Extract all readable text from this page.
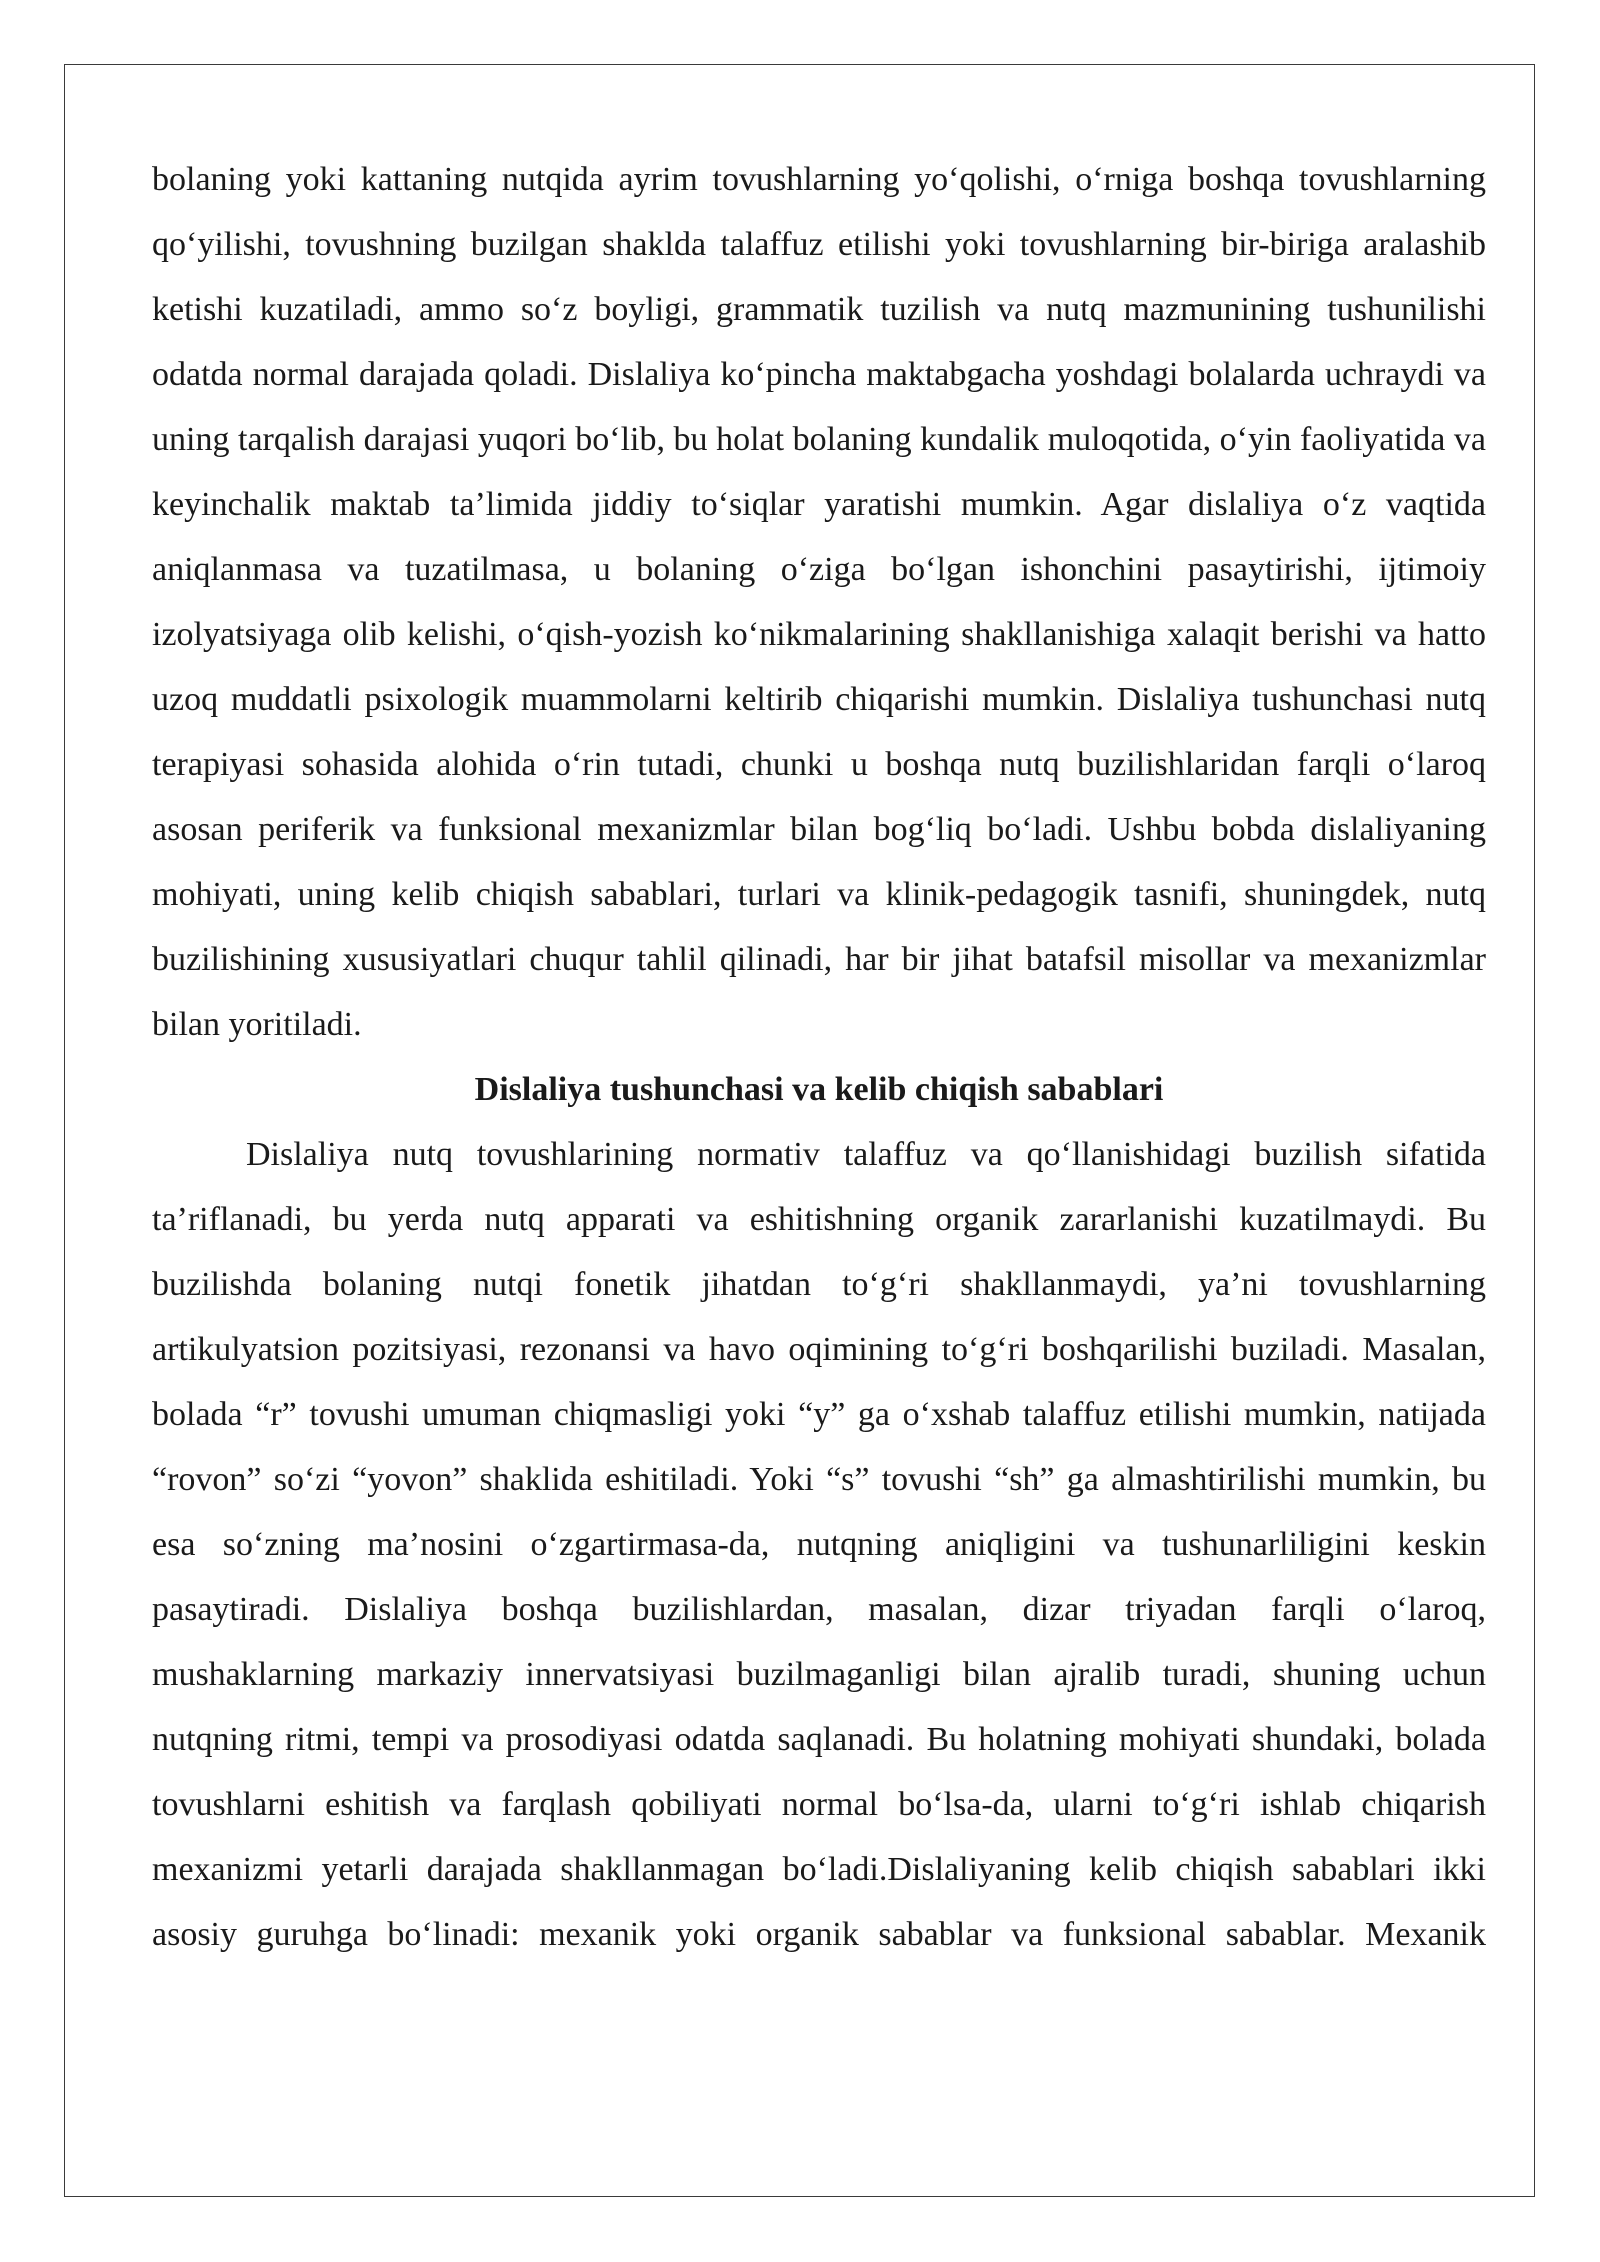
bolaning yoki kattaning nutqida ayrim tovushlarning yo‘qolishi, o‘rniga boshqa tovushlarning qo‘yilishi, tovushning buzilgan shaklda talaffuz etilishi yoki tovushlarning bir-biriga aralashib ketishi kuzatiladi, ammo so‘z boyligi, grammatik tuzilish va nutq mazmunining tushunilishi odatda normal darajada qoladi. Dislaliya ko‘pincha maktabgacha yoshdagi bolalarda uchraydi va uning tarqalish darajasi yuqori bo‘lib, bu holat bolaning kundalik muloqotida, o‘yin faoliyatida va keyinchalik maktab ta’limida jiddiy to‘siqlar yaratishi mumkin. Agar dislaliya o‘z vaqtida aniqlanmasa va tuzatilmasa, u bolaning o‘ziga bo‘lgan ishonchini pasaytirishi, ijtimoiy izolyatsiyaga olib kelishi, o‘qish-yozish ko‘nikmalarining shakllanishiga xalaqit berishi va hatto uzoq muddatli psixologik muammolarni keltirib chiqarishi mumkin. Dislaliya tushunchasi nutq terapiyasi sohasida alohida o‘rin tutadi, chunki u boshqa nutq buzilishlaridan farqli o‘laroq asosan periferik va funksional mexanizmlar bilan bog‘liq bo‘ladi. Ushbu bobda dislaliyaning mohiyati, uning kelib chiqish sabablari, turlari va klinik-pedagogik tasnifi, shuningdek, nutq buzilishining xususiyatlari chuqur tahlil qilinadi, har bir jihat batafsil misollar va mexanizmlar bilan yoritiladi.

Dislaliya tushunchasi va kelib chiqish sabablari

Dislaliya nutq tovushlarining normativ talaffuz va qo‘llanishidagi buzilish sifatida ta’riflanadi, bu yerda nutq apparati va eshitishning organik zararlanishi kuzatilmaydi. Bu buzilishda bolaning nutqi fonetik jihatdan to‘g‘ri shakllanmaydi, ya’ni tovushlarning artikulyatsion pozitsiyasi, rezonansi va havo oqimining to‘g‘ri boshqarilishi buziladi. Masalan, bolada “r” tovushi umuman chiqmasligi yoki “y” ga o‘xshab talaffuz etilishi mumkin, natijada “rovon” so‘zi “yovon” shaklida eshitiladi. Yoki “s” tovushi “sh” ga almashtirilishi mumkin, bu esa so‘zning ma’nosini o‘zgartirmasa-da, nutqning aniqligini va tushunarliligini keskin pasaytiradi. Dislaliya boshqa buzilishlardan, masalan, dizar triyadan farqli o‘laroq, mushaklarning markaziy innervatsiyasi buzilmaganligi bilan ajralib turadi, shuning uchun nutqning ritmi, tempi va prosodiyasi odatda saqlanadi. Bu holatning mohiyati shundaki, bolada tovushlarni eshitish va farqlash qobiliyati normal bo‘lsa-da, ularni to‘g‘ri ishlab chiqarish mexanizmi yetarli darajada shakllanmagan bo‘ladi.Dislaliyaning kelib chiqish sabablari ikki asosiy guruhga bo‘linadi: mexanik yoki organik sabablar va funksional sabablar. Mexanik
